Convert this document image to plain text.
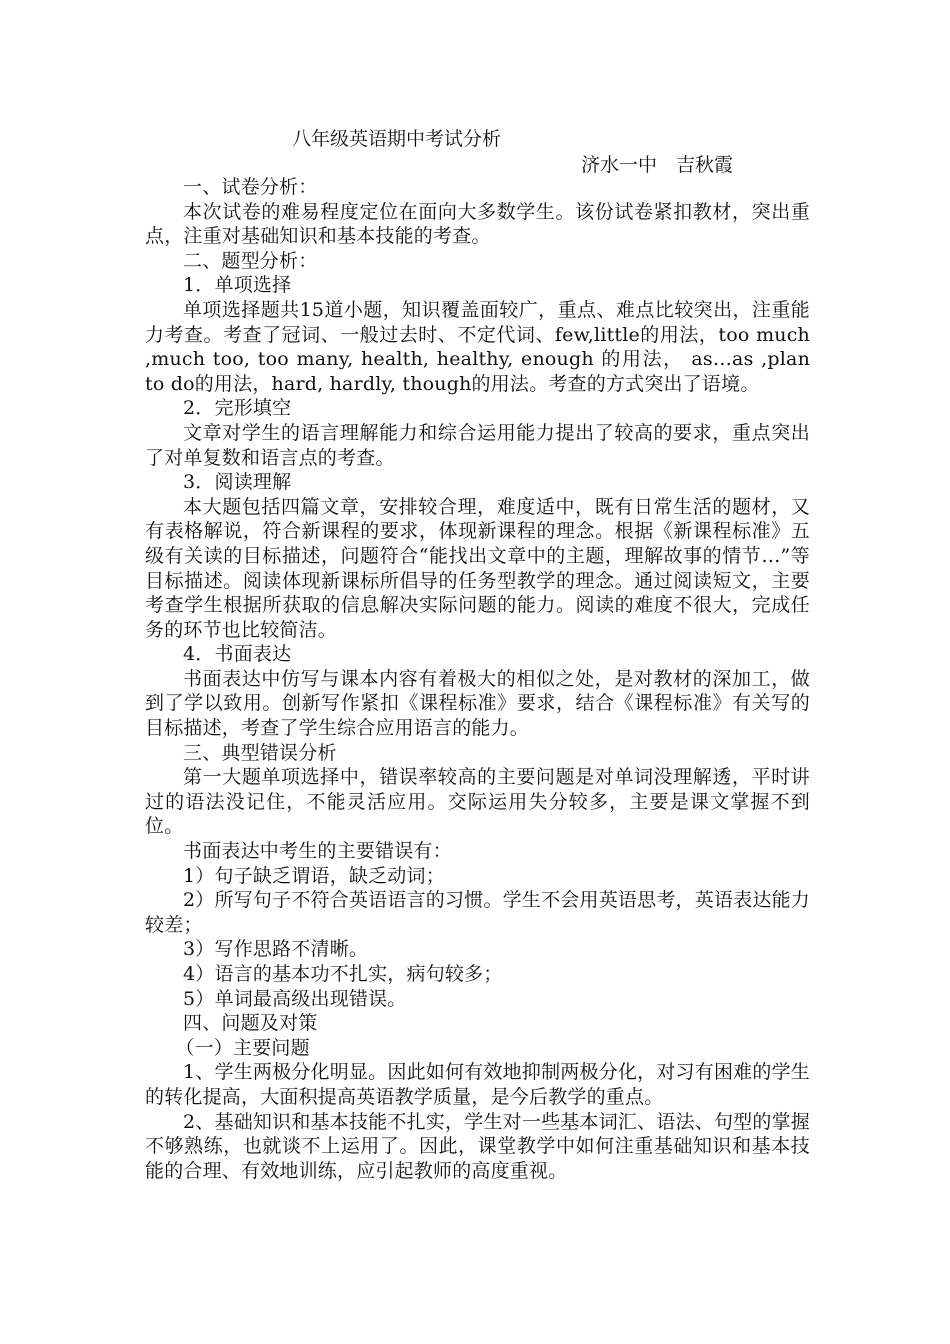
八年级英语期中考试分析
济水一中　吉秋霞

一、试卷分析：

本次试卷的难易程度定位在面向大多数学生。该份试卷紧扣教材，突出重点，注重对基础知识和基本技能的考查。

二、题型分析：

1．单项选择

单项选择题共15道小题，知识覆盖面较广，重点、难点比较突出，注重能力考查。考查了冠词、一般过去时、不定代词、few,little的用法，too much ,much too, too many, health, healthy, enough 的用法， as…as ,plan to do的用法，hard, hardly, though的用法。考查的方式突出了语境。

2．完形填空

文章对学生的语言理解能力和综合运用能力提出了较高的要求，重点突出了对单复数和语言点的考查。

3．阅读理解

本大题包括四篇文章，安排较合理，难度适中，既有日常生活的题材，又有表格解说，符合新课程的要求，体现新课程的理念。根据《新课程标准》五级有关读的目标描述，问题符合“能找出文章中的主题，理解故事的情节…”等目标描述。阅读体现新课标所倡导的任务型教学的理念。通过阅读短文，主要考查学生根据所获取的信息解决实际问题的能力。阅读的难度不很大，完成任务的环节也比较简洁。

4．书面表达

书面表达中仿写与课本内容有着极大的相似之处，是对教材的深加工，做到了学以致用。创新写作紧扣《课程标准》要求，结合《课程标准》有关写的目标描述，考查了学生综合应用语言的能力。

三、典型错误分析

第一大题单项选择中，错误率较高的主要问题是对单词没理解透，平时讲过的语法没记住，不能灵活应用。交际运用失分较多，主要是课文掌握不到位。

书面表达中考生的主要错误有：

1）句子缺乏谓语，缺乏动词；

2）所写句子不符合英语语言的习惯。学生不会用英语思考，英语表达能力较差；

3）写作思路不清晰。

4）语言的基本功不扎实，病句较多；

5）单词最高级出现错误。

四、问题及对策

（一）主要问题

1、学生两极分化明显。因此如何有效地抑制两极分化，对习有困难的学生的转化提高，大面积提高英语教学质量，是今后教学的重点。

2、基础知识和基本技能不扎实，学生对一些基本词汇、语法、句型的掌握不够熟练，也就谈不上运用了。因此，课堂教学中如何注重基础知识和基本技能的合理、有效地训练，应引起教师的高度重视。
